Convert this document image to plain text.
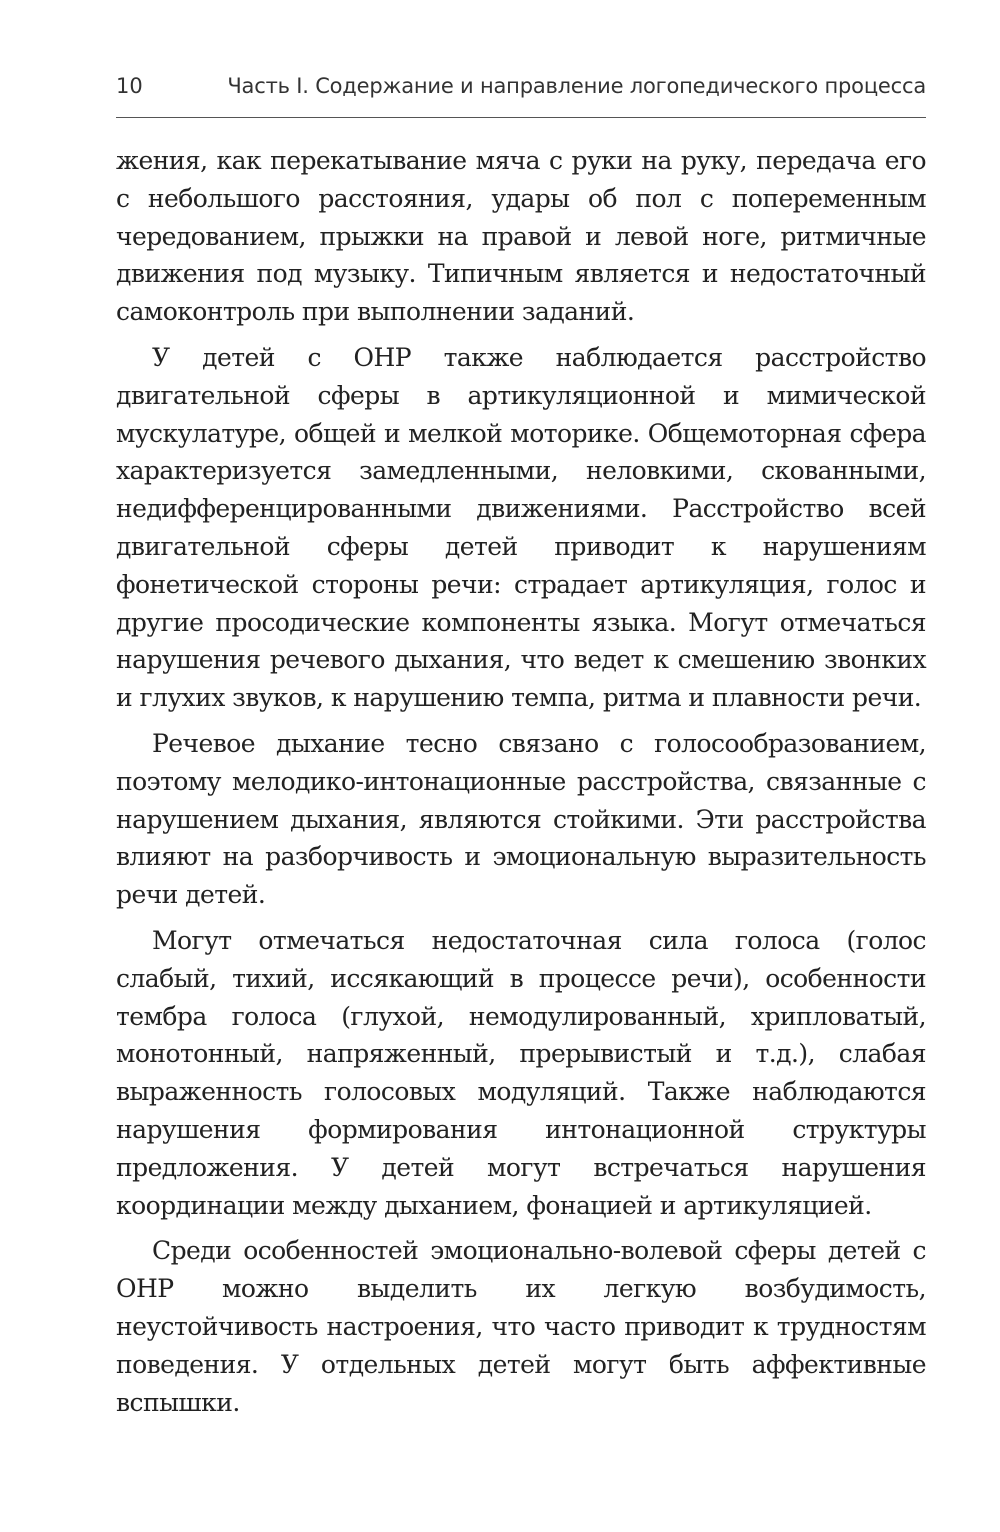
10	Часть I. Содержание и направление логопедического процесса

жения, как перекатывание мяча с руки на руку, передача его с небольшого расстояния, удары об пол с попеременным чередованием, прыжки на правой и левой ноге, ритмичные движения под музыку. Типичным является и недостаточный самоконтроль при выполнении заданий.

У детей с ОНР также наблюдается расстройство двигательной сферы в артикуляционной и мимической мускулатуре, общей и мелкой моторике. Общемоторная сфера характеризуется замедленными, неловкими, скованными, недифференцированными движениями. Расстройство всей двигательной сферы детей приводит к нарушениям фонетической стороны речи: страдает артикуляция, голос и другие просодические компоненты языка. Могут отмечаться нарушения речевого дыхания, что ведет к смешению звонких и глухих звуков, к нарушению темпа, ритма и плавности речи.

Речевое дыхание тесно связано с голосообразованием, поэтому мелодико-интонационные расстройства, связанные с нарушением дыхания, являются стойкими. Эти расстройства влияют на разборчивость и эмоциональную выразительность речи детей.

Могут отмечаться недостаточная сила голоса (голос слабый, тихий, иссякающий в процессе речи), особенности тембра голоса (глухой, немодулированный, хрипловатый, монотонный, напряженный, прерывистый и т.д.), слабая выраженность голосовых модуляций. Также наблюдаются нарушения формирования интонационной структуры предложения. У детей могут встречаться нарушения координации между дыханием, фонацией и артикуляцией.

Среди особенностей эмоционально-волевой сферы детей с ОНР можно выделить их легкую возбудимость, неустойчивость настроения, что часто приводит к трудностям поведения. У отдельных детей могут быть аффективные вспышки.
